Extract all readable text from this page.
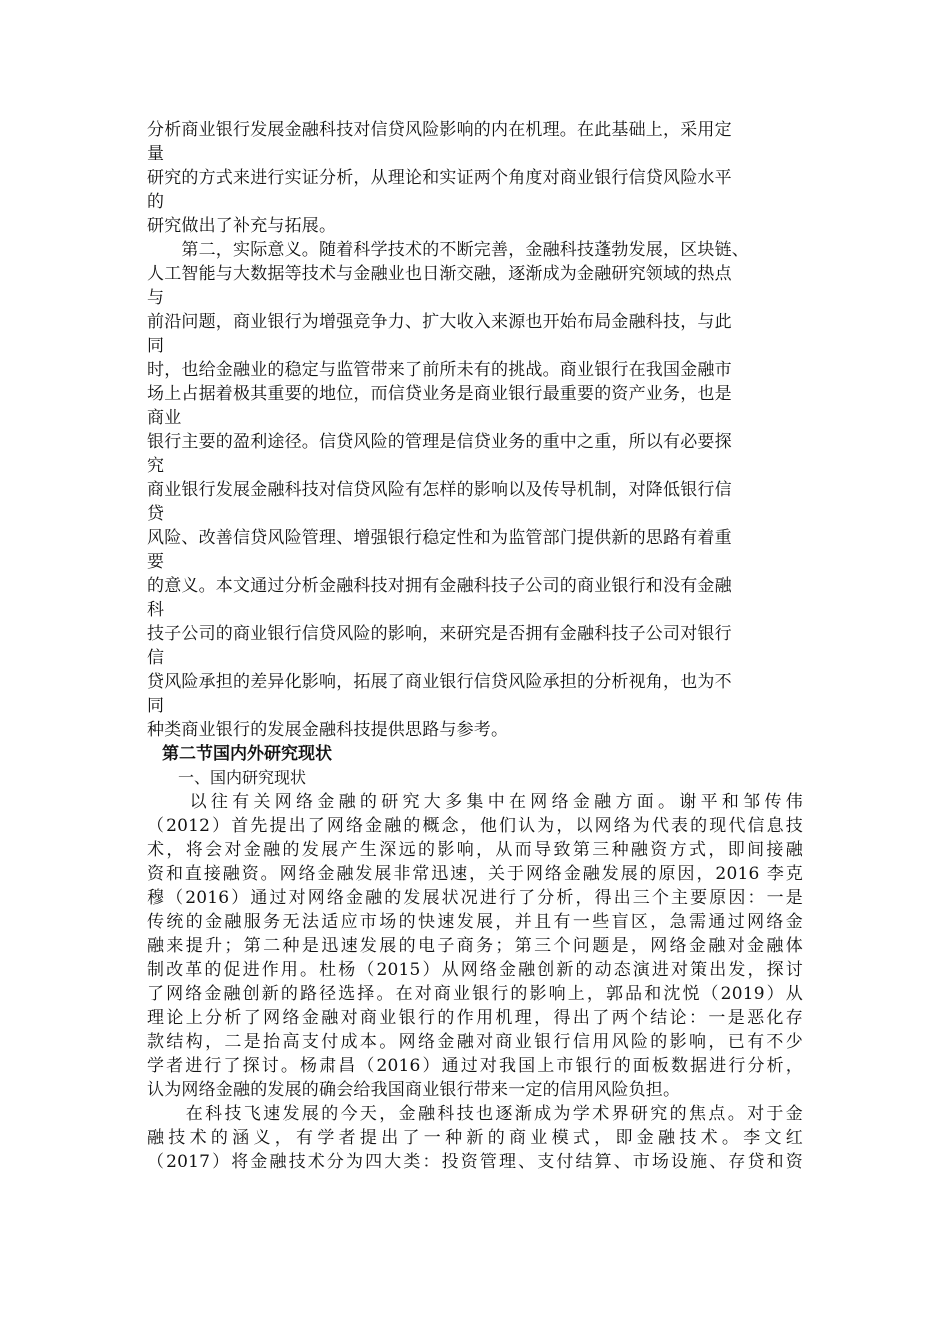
分析商业银行发展金融科技对信贷风险影响的内在机理。在此基础上，采用定
量
研究的方式来进行实证分析，从理论和实证两个角度对商业银行信贷风险水平
的
研究做出了补充与拓展。
　　第二，实际意义。随着科学技术的不断完善，金融科技蓬勃发展，区块链、
人工智能与大数据等技术与金融业也日渐交融，逐渐成为金融研究领域的热点
与
前沿问题，商业银行为增强竞争力、扩大收入来源也开始布局金融科技，与此
同
时，也给金融业的稳定与监管带来了前所未有的挑战。商业银行在我国金融市
场上占据着极其重要的地位，而信贷业务是商业银行最重要的资产业务，也是
商业
银行主要的盈利途径。信贷风险的管理是信贷业务的重中之重，所以有必要探
究
商业银行发展金融科技对信贷风险有怎样的影响以及传导机制，对降低银行信
贷
风险、改善信贷风险管理、增强银行稳定性和为监管部门提供新的思路有着重
要
的意义。本文通过分析金融科技对拥有金融科技子公司的商业银行和没有金融
科
技子公司的商业银行信贷风险的影响，来研究是否拥有金融科技子公司对银行
信
贷风险承担的差异化影响，拓展了商业银行信贷风险承担的分析视角，也为不
同
种类商业银行的发展金融科技提供思路与参考。
第二节国内外研究现状
一、国内研究现状
　　以往有关网络金融的研究大多集中在网络金融方面。谢平和邹传伟
（2012）首先提出了网络金融的概念，他们认为，以网络为代表的现代信息技
术，将会对金融的发展产生深远的影响，从而导致第三种融资方式，即间接融
资和直接融资。网络金融发展非常迅速，关于网络金融发展的原因，2016 李克
穆（2016）通过对网络金融的发展状况进行了分析，得出三个主要原因：一是
传统的金融服务无法适应市场的快速发展，并且有一些盲区，急需通过网络金
融来提升；第二种是迅速发展的电子商务；第三个问题是，网络金融对金融体
制改革的促进作用。杜杨（2015）从网络金融创新的动态演进对策出发，探讨
了网络金融创新的路径选择。在对商业银行的影响上，郭品和沈悦（2019）从
理论上分析了网络金融对商业银行的作用机理，得出了两个结论：一是恶化存
款结构，二是抬高支付成本。网络金融对商业银行信用风险的影响，已有不少
学者进行了探讨。杨肃昌（2016）通过对我国上市银行的面板数据进行分析，
认为网络金融的发展的确会给我国商业银行带来一定的信用风险负担。
　　在科技飞速发展的今天，金融科技也逐渐成为学术界研究的焦点。对于金
融技术的涵义，有学者提出了一种新的商业模式，即金融技术。李文红
（2017）将金融技术分为四大类：投资管理、支付结算、市场设施、存贷和资
